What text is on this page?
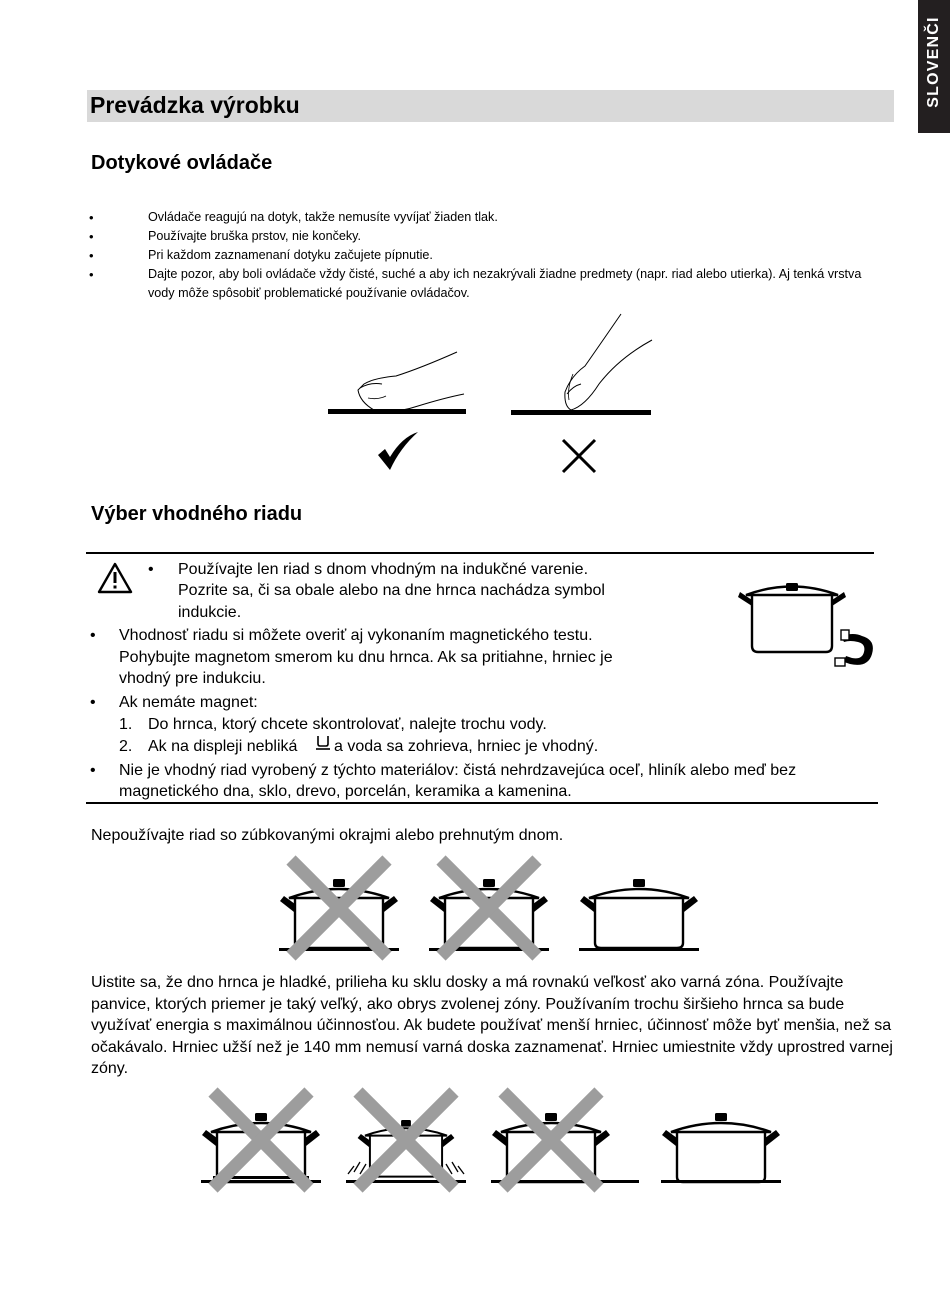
SLOVENČI
Prevádzka výrobku
Dotykové ovládače
• Ovládače reagujú na dotyk, takže nemusíte vyvíjať žiaden tlak.
• Používajte bruška prstov, nie končeky.
• Pri každom zaznamenaní dotyku začujete pípnutie.
• Dajte pozor, aby boli ovládače vždy čisté, suché a aby ich nezakrývali žiadne predmety (napr. riad alebo utierka). Aj tenká vrstva vody môže spôsobiť problematické používanie ovládačov.
Výber vhodného riadu
• Používajte len riad s dnom vhodným na indukčné varenie.
Pozrite sa, či sa obale alebo na dne hrnca nachádza symbol
indukcie.
• Vhodnosť riadu si môžete overiť aj vykonaním magnetického testu.
Pohybujte magnetom smerom ku dnu hrnca. Ak sa pritiahne, hrniec je
vhodný pre indukciu.
• Ak nemáte magnet:
1. Do hrnca, ktorý chcete skontrolovať, nalejte trochu vody.
2. Ak na displeji nebliká a voda sa zohrieva, hrniec je vhodný.
• Nie je vhodný riad vyrobený z týchto materiálov: čistá nehrdzavejúca oceľ, hliník alebo meď bez
magnetického dna, sklo, drevo, porcelán, keramika a kamenina.
Nepoužívajte riad so zúbkovanými okrajmi alebo prehnutým dnom.
Uistite sa, že dno hrnca je hladké, prilieha ku sklu dosky a má rovnakú veľkosť ako varná zóna. Používajte panvice, ktorých priemer je taký veľký, ako obrys zvolenej zóny. Používaním trochu širšieho hrnca sa bude využívať energia s maximálnou účinnosťou. Ak budete používať menší hrniec, účinnosť môže byť menšia, než sa očakávalo. Hrniec užší než je 140 mm nemusí varná doska zaznamenať. Hrniec umiestnite vždy uprostred varnej zóny.
